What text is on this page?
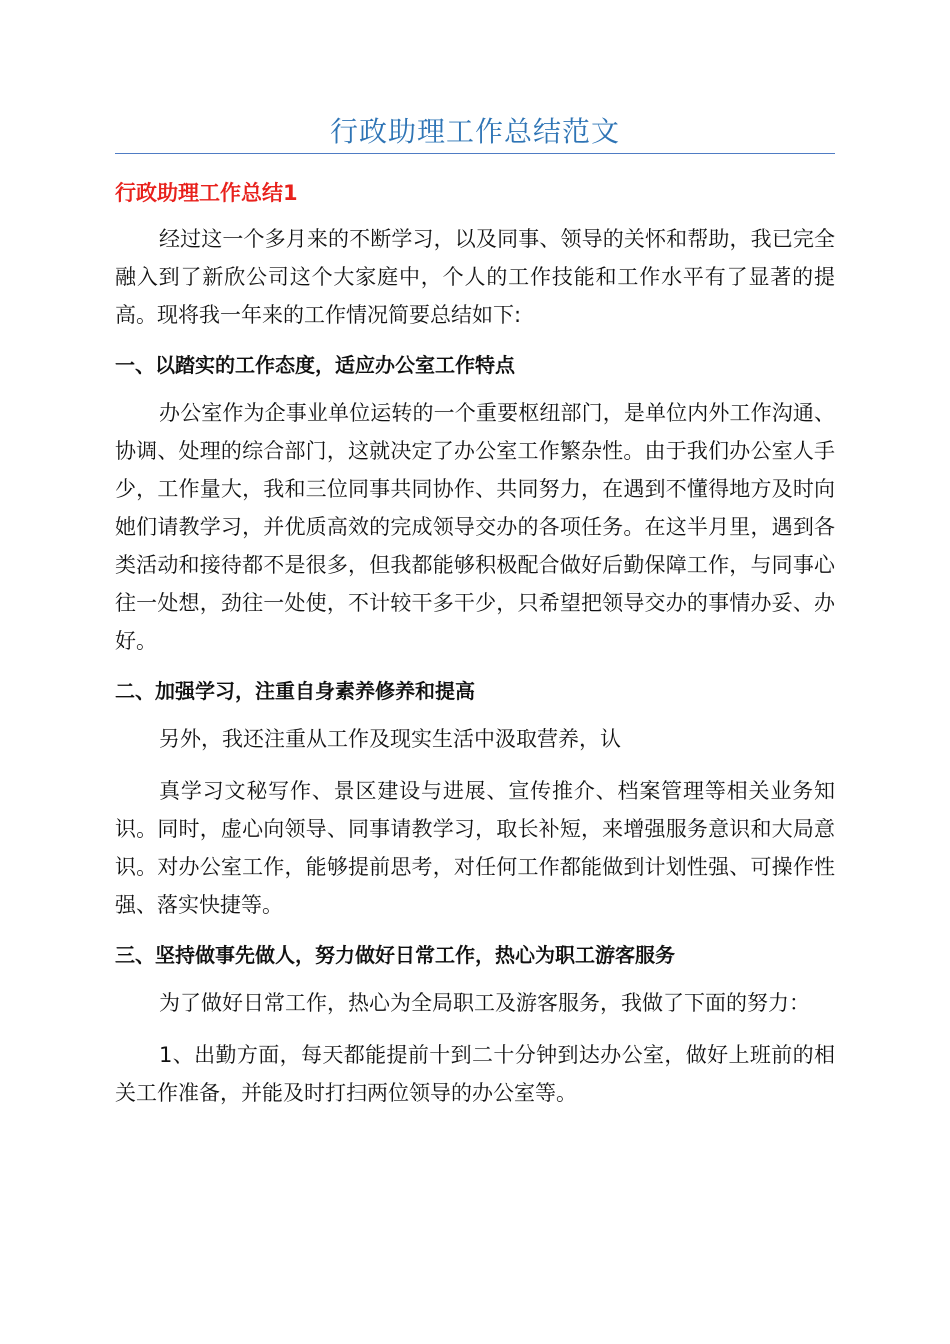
行政助理工作总结范文
行政助理工作总结1

经过这一个多月来的不断学习，以及同事、领导的关怀和帮助，我已完全融入到了新欣公司这个大家庭中，个人的工作技能和工作水平有了显著的提高。现将我一年来的工作情况简要总结如下:

一、以踏实的工作态度，适应办公室工作特点

办公室作为企事业单位运转的一个重要枢纽部门，是单位内外工作沟通、协调、处理的综合部门，这就决定了办公室工作繁杂性。由于我们办公室人手少，工作量大，我和三位同事共同协作、共同努力，在遇到不懂得地方及时向她们请教学习，并优质高效的完成领导交办的各项任务。在这半月里，遇到各类活动和接待都不是很多，但我都能够积极配合做好后勤保障工作，与同事心往一处想，劲往一处使，不计较干多干少，只希望把领导交办的事情办妥、办好。

二、加强学习，注重自身素养修养和提高

另外，我还注重从工作及现实生活中汲取营养，认

真学习文秘写作、景区建设与进展、宣传推介、档案管理等相关业务知识。同时，虚心向领导、同事请教学习，取长补短，来增强服务意识和大局意识。对办公室工作，能够提前思考，对任何工作都能做到计划性强、可操作性强、落实快捷等。

三、坚持做事先做人，努力做好日常工作，热心为职工游客服务

为了做好日常工作，热心为全局职工及游客服务，我做了下面的努力：

1、出勤方面，每天都能提前十到二十分钟到达办公室，做好上班前的相关工作准备，并能及时打扫两位领导的办公室等。
